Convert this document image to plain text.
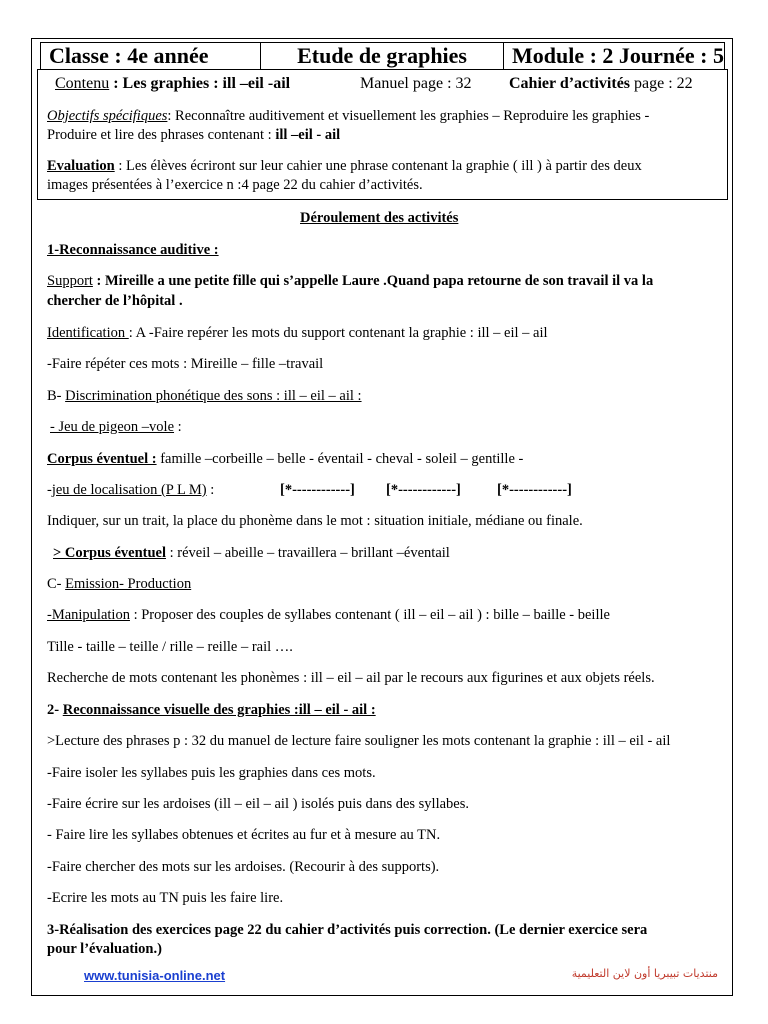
Classe : 4e année	Etude de graphies	Module : 2 Journée : 5
Contenu : Les graphies : ill –eil -ail	Manuel page : 32 Cahier d’activités page : 22
Objectifs spécifiques: Reconnaître auditivement et visuellement les graphies – Reproduire les graphies -
Produire et lire des phrases contenant : ill –eil - ail
Evaluation : Les élèves écriront sur leur cahier une phrase contenant la graphie ( ill ) à partir des deux
images présentées à l’exercice n :4 page 22 du cahier d’activités.
Déroulement des activités
1-Reconnaissance auditive :
Support : Mireille a une petite fille qui s’appelle Laure .Quand papa retourne de son travail il va la
chercher de l’hôpital .
Identification : A -Faire repérer les mots du support contenant la graphie : ill – eil – ail
-Faire répéter ces mots : Mireille – fille –travail
B- Discrimination phonétique des sons : ill – eil – ail :
- Jeu de pigeon –vole :
Corpus éventuel : famille –corbeille – belle - éventail - cheval - soleil – gentille -
-jeu de localisation (P L M) :	[*------------] [*------------] [*------------]
Indiquer, sur un trait, la place du phonème dans le mot : situation initiale, médiane ou finale.
> Corpus éventuel : réveil – abeille – travaillera – brillant –éventail
C- Emission- Production
-Manipulation : Proposer des couples de syllabes contenant ( ill – eil – ail ) : bille – baille - beille
Tille - taille – teille / rille – reille – rail ….
Recherche de mots contenant les phonèmes : ill – eil – ail par le recours aux figurines et aux objets réels.
2- Reconnaissance visuelle des graphies :ill – eil - ail :
>Lecture des phrases p : 32 du manuel de lecture faire souligner les mots contenant la graphie : ill – eil - ail
-Faire isoler les syllabes puis les graphies dans ces mots.
-Faire écrire sur les ardoises (ill – eil – ail ) isolés puis dans des syllabes.
- Faire lire les syllabes obtenues et écrites au fur et à mesure au TN.
-Faire chercher des mots sur les ardoises. (Recourir à des supports).
-Ecrire les mots au TN puis les faire lire.
3-Réalisation des exercices page 22 du cahier d’activités puis correction. (Le dernier exercice sera
pour l’évaluation.)
www.tunisia-online.net	منتديات تبيبريا أون لاين التعليمية
